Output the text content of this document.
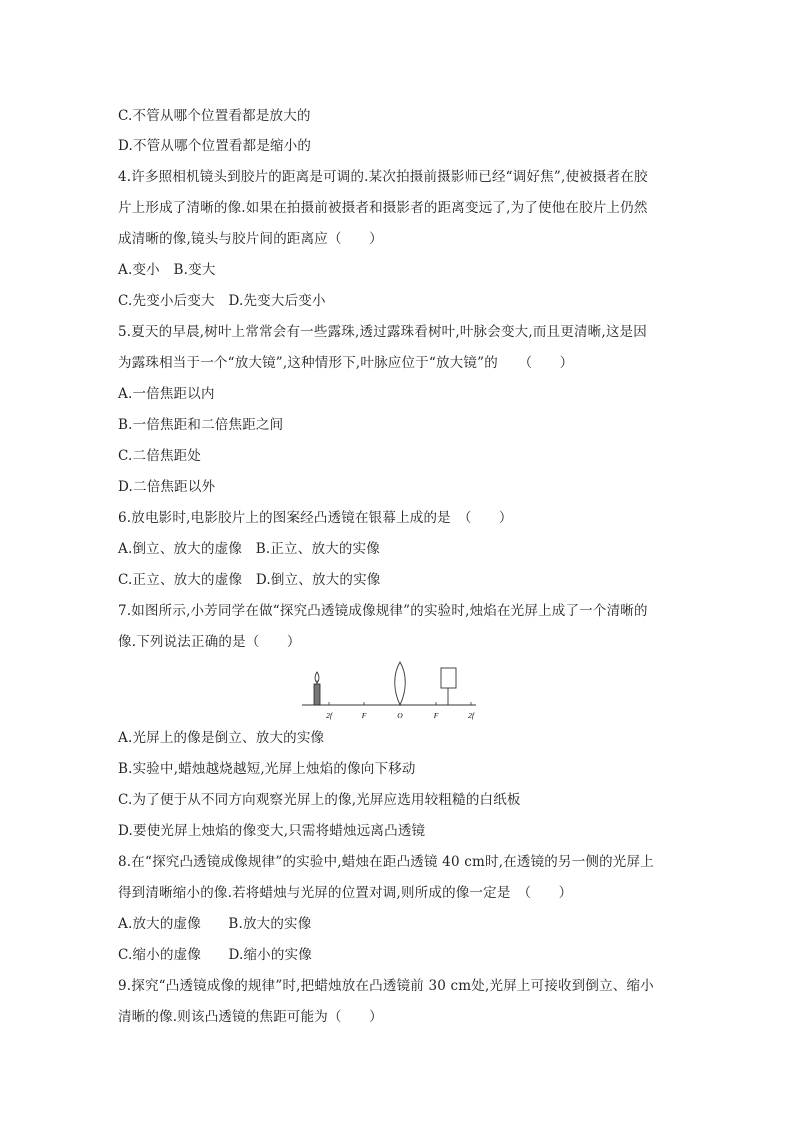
C.不管从哪个位置看都是放大的
D.不管从哪个位置看都是缩小的
4.许多照相机镜头到胶片的距离是可调的.某次拍摄前摄影师已经“调好焦”,使被摄者在胶
片上形成了清晰的像.如果在拍摄前被摄者和摄影者的距离变远了,为了使他在胶片上仍然
成清晰的像,镜头与胶片间的距离应（　　）
A.变小　B.变大
C.先变小后变大　D.先变大后变小
5.夏天的早晨,树叶上常常会有一些露珠,透过露珠看树叶,叶脉会变大,而且更清晰,这是因
为露珠相当于一个“放大镜”,这种情形下,叶脉应位于“放大镜”的　　（　　）
A.一倍焦距以内
B.一倍焦距和二倍焦距之间
C.二倍焦距处
D.二倍焦距以外
6.放电影时,电影胶片上的图案经凸透镜在银幕上成的是　（　　）
A.倒立、放大的虚像　B.正立、放大的实像
C.正立、放大的虚像　D.倒立、放大的实像
7.如图所示,小芳同学在做“探究凸透镜成像规律”的实验时,烛焰在光屏上成了一个清晰的
像.下列说法正确的是（　　）
2f	F	O	F	2f
A.光屏上的像是倒立、放大的实像
B.实验中,蜡烛越烧越短,光屏上烛焰的像向下移动
C.为了便于从不同方向观察光屏上的像,光屏应选用较粗糙的白纸板
D.要使光屏上烛焰的像变大,只需将蜡烛远离凸透镜
8.在“探究凸透镜成像规律”的实验中,蜡烛在距凸透镜 40 cm时,在透镜的另一侧的光屏上
得到清晰缩小的像.若将蜡烛与光屏的位置对调,则所成的像一定是　（　　）
A.放大的虚像　　B.放大的实像
C.缩小的虚像　　D.缩小的实像
9.探究“凸透镜成像的规律”时,把蜡烛放在凸透镜前 30 cm处,光屏上可接收到倒立、缩小
清晰的像.则该凸透镜的焦距可能为（　　）
